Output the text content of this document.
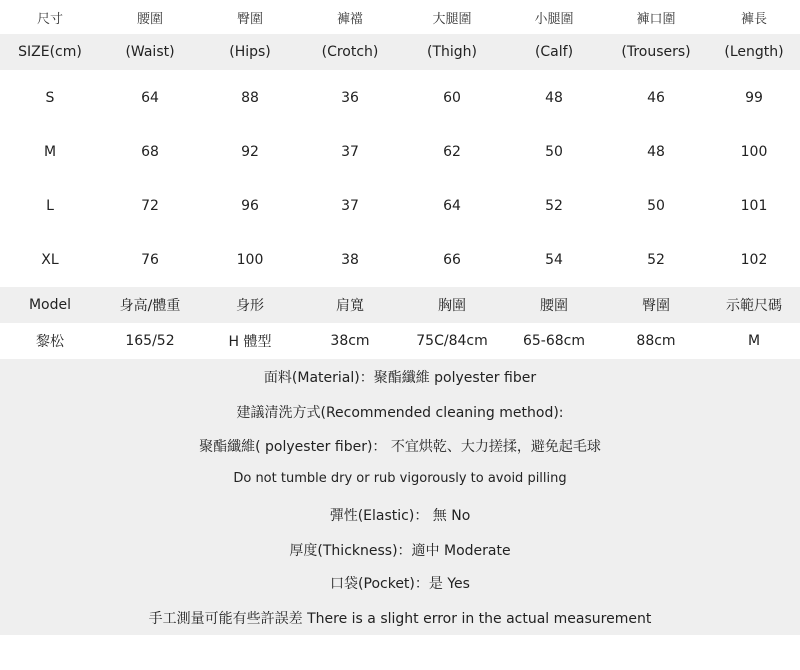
尺寸	腰圍	臀圍	褲襠	大腿圍	小腿圍	褲口圍	褲長
SIZE(cm)	(Waist)	(Hips)	(Crotch)	(Thigh)	(Calf)	(Trousers)	(Length)
S	64	88	36	60	48	46	99
M	68	92	37	62	50	48	100
L	72	96	37	64	52	50	101
XL	76	100	38	66	54	52	102
Model	身高/體重	身形	肩寬	胸圍	腰圍	臀圍	示範尺碼
黎松	165/52	H 體型	38cm	75C/84cm	65-68cm	88cm	M
面料(Material)：聚酯纖維 polyester fiber
建議清洗方式(Recommended cleaning method):
聚酯纖維( polyester fiber)： 不宜烘乾、大力搓揉，避免起毛球
Do not tumble dry or rub vigorously to avoid pilling
彈性(Elastic)： 無 No
厚度(Thickness)：適中 Moderate
口袋(Pocket)：是 Yes
手工測量可能有些許誤差 There is a slight error in the actual measurement
